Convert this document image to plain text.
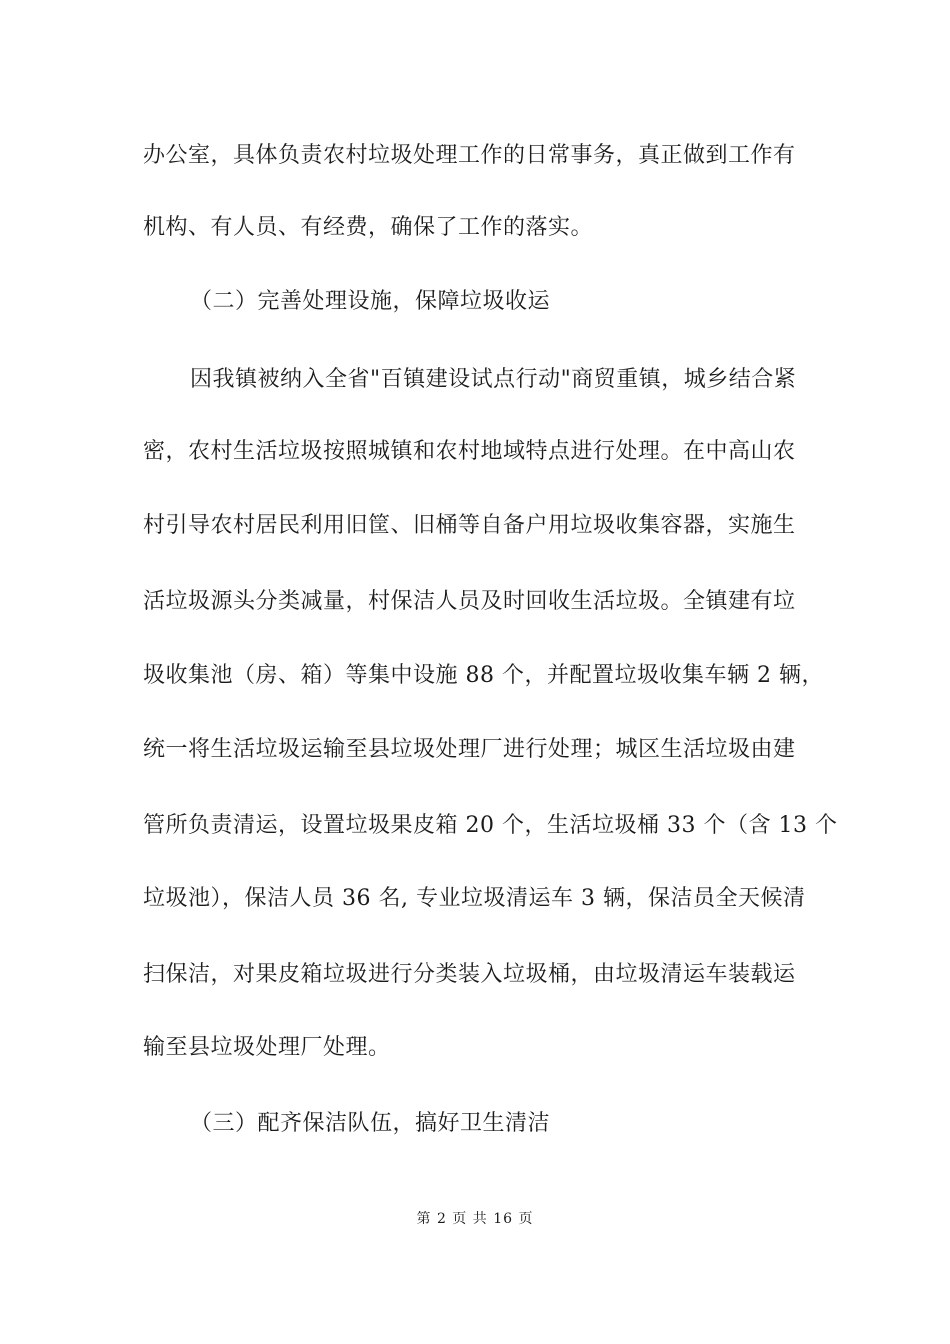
办公室，具体负责农村垃圾处理工作的日常事务，真正做到工作有
机构、有人员、有经费，确保了工作的落实。
（二）完善处理设施，保障垃圾收运
因我镇被纳入全省"百镇建设试点行动"商贸重镇，城乡结合紧
密，农村生活垃圾按照城镇和农村地域特点进行处理。在中高山农
村引导农村居民利用旧筐、旧桶等自备户用垃圾收集容器，实施生
活垃圾源头分类减量，村保洁人员及时回收生活垃圾。全镇建有垃
圾收集池（房、箱）等集中设施 88 个，并配置垃圾收集车辆 2 辆，
统一将生活垃圾运输至县垃圾处理厂进行处理；城区生活垃圾由建
管所负责清运，设置垃圾果皮箱 20 个，生活垃圾桶 33 个（含 13 个
垃圾池），保洁人员 36 名, 专业垃圾清运车 3 辆，保洁员全天候清
扫保洁，对果皮箱垃圾进行分类装入垃圾桶，由垃圾清运车装载运
输至县垃圾处理厂处理。
（三）配齐保洁队伍，搞好卫生清洁
第 2 页 共 16 页
